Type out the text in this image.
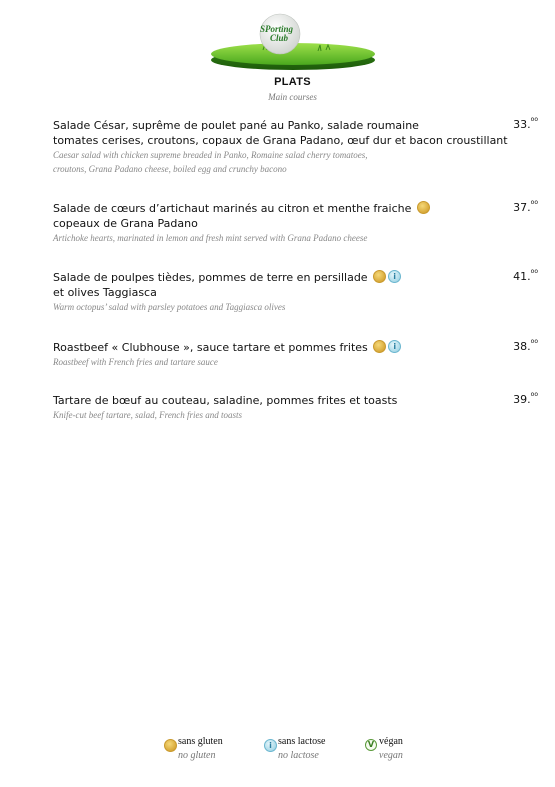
SPorting
Club
PLATS
Main courses
Salade César, suprême de poulet pané au Panko, salade roumaine
tomates cerises, croutons, copaux de Grana Padano, œuf dur et bacon croustillant
Caesar salad with chicken supreme breaded in Panko, Romaine salad cherry tomatoes,
croutons, Grana Padano cheese, boiled egg and crunchy bacono
33.$^{oo}$
Salade de cœurs d’artichaut marinés au citron et menthe fraiche
copeaux de Grana Padano
Artichoke hearts, marinated in lemon and fresh mint served with Grana Padano cheese
37.$^{oo}$
Salade de poulpes tièdes, pommes de terre en persillade i
et olives Taggiasca
Warm octopus’ salad with parsley potatoes and Taggiasca olives
41.$^{oo}$
Roastbeef « Clubhouse », sauce tartare et pommes frites i
Roastbeef with French fries and tartare sauce
38.$^{oo}$
Tartare de bœuf au couteau, saladine, pommes frites et toasts
Knife-cut beef tartare, salad, French fries and toasts
39.$^{oo}$
sans gluten
no gluten
i
sans lactose
no lactose
V
végan
vegan
